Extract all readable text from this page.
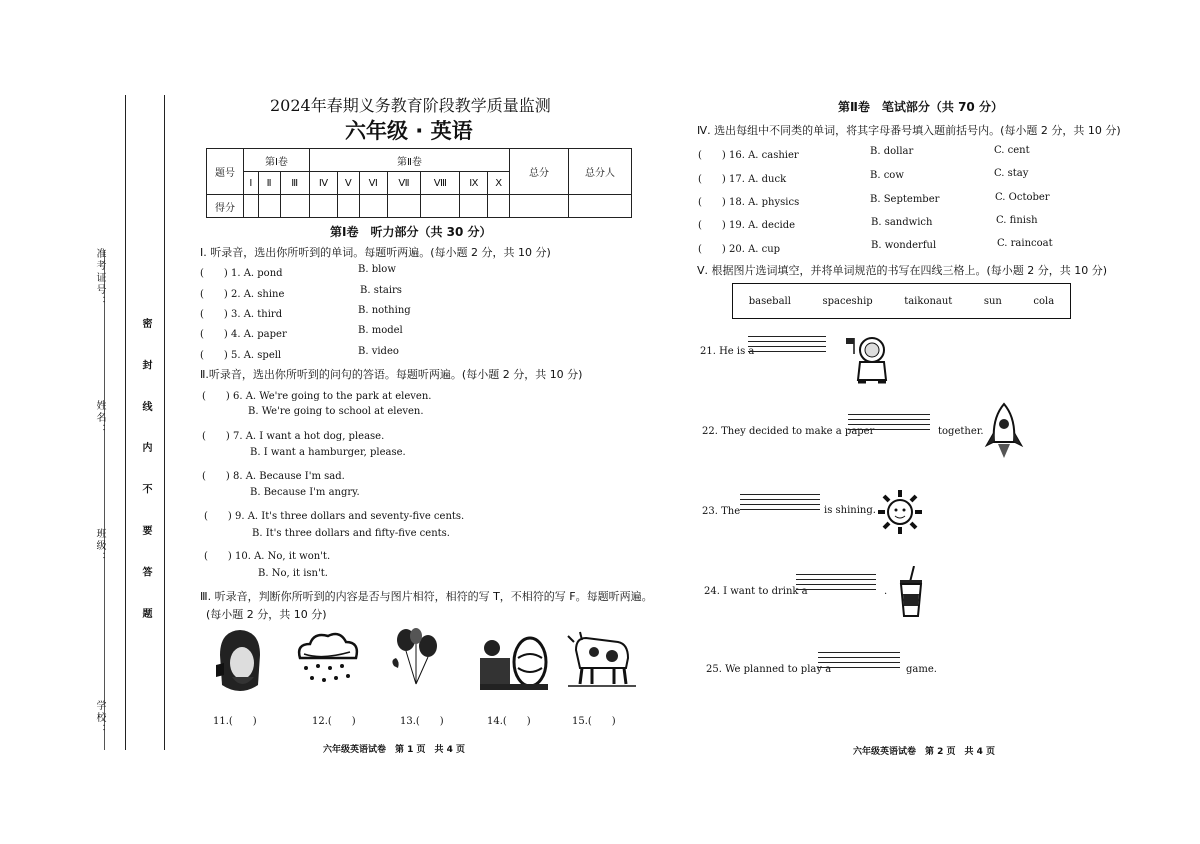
准考证号：
姓名：
班级：
学校：
密 封 线 内 不 要 答 题
2024年春期义务教育阶段教学质量监测
六年级 · 英语
题号	第Ⅰ卷			第Ⅱ卷							总分	总分人
	Ⅰ	Ⅱ	Ⅲ	Ⅳ	Ⅴ	Ⅵ	Ⅶ	Ⅷ	Ⅸ	Ⅹ		
得分												
第Ⅰ卷　听力部分（共 30 分）
Ⅰ. 听录音，选出你所听到的单词。每题听两遍。(每小题 2 分，共 10 分)
(　　) 1. A. pond	B. blow
(　　) 2. A. shine	B. stairs
(　　) 3. A. third	B. nothing
(　　) 4. A. paper	B. model
(　　) 5. A. spell	B. video
Ⅱ.听录音，选出你所听到的问句的答语。每题听两遍。(每小题 2 分，共 10 分)
(　　) 6. A. We're going to the park at eleven.
B. We're going to school at eleven.
(　　) 7. A. I want a hot dog, please.
B. I want a hamburger, please.
(　　) 8. A. Because I'm sad.
B. Because I'm angry.
(　　) 9. A. It's three dollars and seventy-five cents.
B. It's three dollars and fifty-five cents.
(　　) 10. A. No, it won't.
B. No, it isn't.
Ⅲ. 听录音，判断你所听到的内容是否与图片相符，相符的写 T，不相符的写 F。每题听两遍。
(每小题 2 分，共 10 分)
11.(　　)	12.(　　)	13.(　　)	14.(　　)	15.(　　)
六年级英语试卷　第 1 页　共 4 页
第Ⅱ卷　笔试部分（共 70 分）
Ⅳ. 选出每组中不同类的单词，将其字母番号填入题前括号内。(每小题 2 分，共 10 分)
(　　) 16. A. cashier	B. dollar	C. cent
(　　) 17. A. duck	B. cow	C. stay
(　　) 18. A. physics	B. September	C. October
(　　) 19. A. decide	B. sandwich	C. finish
(　　) 20. A. cup	B. wonderful	C. raincoat
Ⅴ. 根据图片选词填空，并将单词规范的书写在四线三格上。(每小题 2 分，共 10 分)
baseball	spaceship	taikonaut	sun	cola
21. He is a
22. They decided to make a paper	together.
23. The	is shining.
24. I want to drink a	.
25. We planned to play a	game.
六年级英语试卷　第 2 页　共 4 页
